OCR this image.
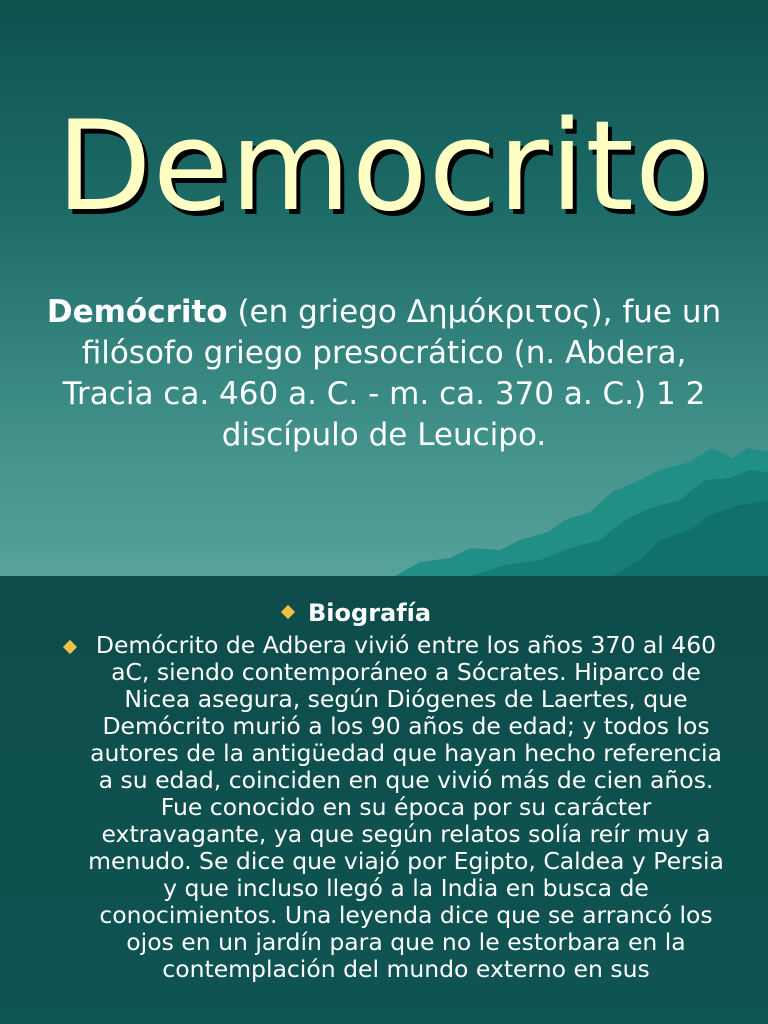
Democrito
Demócrito (en griego Δημόκριτος), fue un filósofo griego presocrático (n. Abdera, Tracia ca. 460 a. C. - m. ca. 370 a. C.) 1 2 discípulo de Leucipo.
Biografía
Demócrito de Adbera vivió entre los años 370 al 460 aC, siendo contemporáneo a Sócrates. Hiparco de Nicea asegura, según Diógenes de Laertes, que Demócrito murió a los 90 años de edad; y todos los autores de la antigüedad que hayan hecho referencia a su edad, coinciden en que vivió más de cien años. Fue conocido en su época por su carácter extravagante, ya que según relatos solía reír muy a menudo. Se dice que viajó por Egipto, Caldea y Persia y que incluso llegó a la India en busca de conocimientos. Una leyenda dice que se arrancó los ojos en un jardín para que no le estorbara en la contemplación del mundo externo en sus
